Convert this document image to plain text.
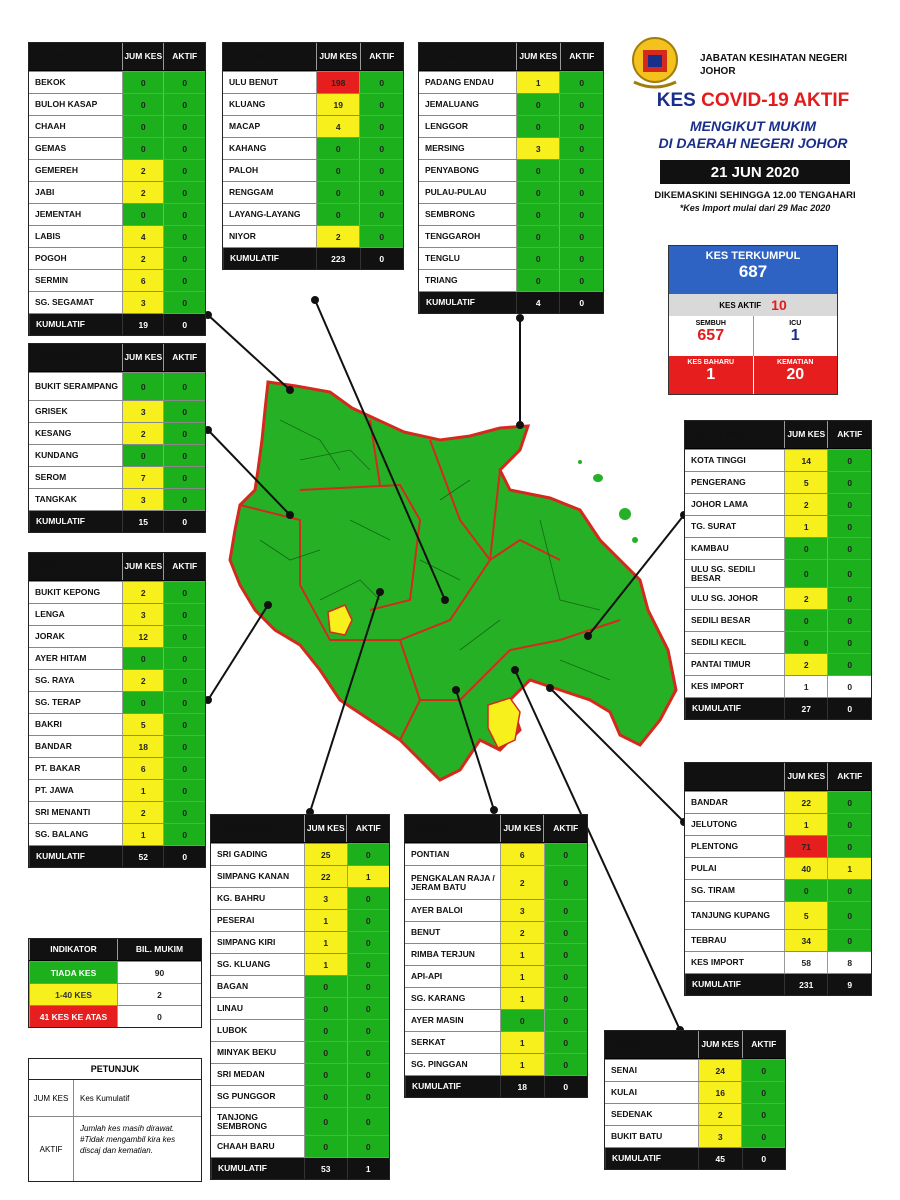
JABATAN KESIHATAN NEGERI JOHOR
KES COVID-19 AKTIF
MENGIKUT MUKIM
DI DAERAH NEGERI JOHOR
21 JUN 2020
DIKEMASKINI SEHINGGA 12.00 TENGAHARI
*Kes Import mulai dari 29 Mac 2020
KES TERKUMPUL
687
KES AKTIF 10
SEMBUH
657
ICU
1
KES BAHARU
1
KEMATIAN
20
SEGAMAT	JUM KES	AKTIF
BEKOK	0	0
BULOH KASAP	0	0
CHAAH	0	0
GEMAS	0	0
GEMEREH	2	0
JABI	2	0
JEMENTAH	0	0
LABIS	4	0
POGOH	2	0
SERMIN	6	0
SG. SEGAMAT	3	0
KUMULATIF	19	0
KLUANG	JUM KES	AKTIF
ULU BENUT	198	0
KLUANG	19	0
MACAP	4	0
KAHANG	0	0
PALOH	0	0
RENGGAM	0	0
LAYANG-LAYANG	0	0
NIYOR	2	0
KUMULATIF	223	0
MERSING	JUM KES	AKTIF
PADANG ENDAU	1	0
JEMALUANG	0	0
LENGGOR	0	0
MERSING	3	0
PENYABONG	0	0
PULAU-PULAU	0	0
SEMBRONG	0	0
TENGGAROH	0	0
TENGLU	0	0
TRIANG	0	0
KUMULATIF	4	0
TANGKAK	JUM KES	AKTIF
BUKIT SERAMPANG	0	0
GRISEK	3	0
KESANG	2	0
KUNDANG	0	0
SEROM	7	0
TANGKAK	3	0
KUMULATIF	15	0
MUAR	JUM KES	AKTIF
BUKIT KEPONG	2	0
LENGA	3	0
JORAK	12	0
AYER HITAM	0	0
SG. RAYA	2	0
SG. TERAP	0	0
BAKRI	5	0
BANDAR	18	0
PT. BAKAR	6	0
PT. JAWA	1	0
SRI MENANTI	2	0
SG. BALANG	1	0
KUMULATIF	52	0
KOTA TINGGI	JUM KES	AKTIF
KOTA TINGGI	14	0
PENGERANG	5	0
JOHOR LAMA	2	0
TG. SURAT	1	0
KAMBAU	0	0
ULU SG. SEDILI BESAR	0	0
ULU SG. JOHOR	2	0
SEDILI BESAR	0	0
SEDILI KECIL	0	0
PANTAI TIMUR	2	0
KES IMPORT	1	0
KUMULATIF	27	0
JOHOR BAHRU	JUM KES	AKTIF
BANDAR	22	0
JELUTONG	1	0
PLENTONG	71	0
PULAI	40	1
SG. TIRAM	0	0
TANJUNG KUPANG	5	0
TEBRAU	34	0
KES IMPORT	58	8
KUMULATIF	231	9
BATU PAHAT	JUM KES	AKTIF
SRI GADING	25	0
SIMPANG KANAN	22	1
KG. BAHRU	3	0
PESERAI	1	0
SIMPANG KIRI	1	0
SG. KLUANG	1	0
BAGAN	0	0
LINAU	0	0
LUBOK	0	0
MINYAK BEKU	0	0
SRI MEDAN	0	0
SG PUNGGOR	0	0
TANJONG SEMBRONG	0	0
CHAAH BARU	0	0
KUMULATIF	53	1
PONTIAN	JUM KES	AKTIF
PONTIAN	6	0
PENGKALAN RAJA / JERAM BATU	2	0
AYER BALOI	3	0
BENUT	2	0
RIMBA TERJUN	1	0
API-API	1	0
SG. KARANG	1	0
AYER MASIN	0	0
SERKAT	1	0
SG. PINGGAN	1	0
KUMULATIF	18	0
KULAI	JUM KES	AKTIF
SENAI	24	0
KULAI	16	0
SEDENAK	2	0
BUKIT BATU	3	0
KUMULATIF	45	0
INDIKATOR	BIL. MUKIM
TIADA KES	90
1-40 KES	2
41 KES KE ATAS	0
PETUNJUK
JUM KES	Kes Kumulatif
AKTIF
Jumlah kes masih dirawat. #Tidak mengambil kira kes discaj dan kematian.
